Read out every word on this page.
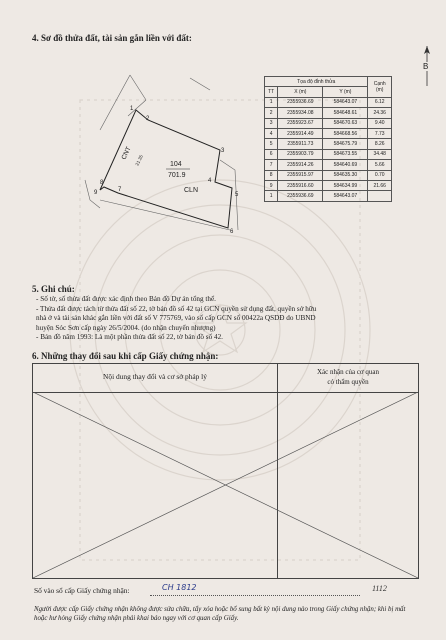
4. Sơ đồ thửa đất, tài sản gắn liền với đất:
B
1
2
3
4
5
6
7
8
9
CNT 21.35	104
701.9
CLN
Tọa độ đỉnh thửa			Cạnh (m)
TT	X (m)	Y (m)	
1	2355936.69	584643.07	6.12
2	2355934.08	584648.61	24.36
3	2355923.67	584670.63	9.40
4	2355914.49	584668.56	7.73
5	2355911.73	584675.79	8.26
6	2355903.79	584673.55	34.48
7	2355914.26	584640.69	5.66
8	2355915.97	584635.30	0.70
9	2355916.60	584634.99	21.66
1	2355936.69	584643.07	
5. Ghi chú:
- Số tờ, số thửa đất được xác định theo Bản đồ Dự án tổng thể.
- Thửa đất được tách từ thửa đất số 22, tờ bản đồ số 42 tại GCN quyền sử dụng đất, quyền sở hữu
nhà ở và tài sản khác gắn liền với đất số V 775769, vào số cấp GCN số 00422a QSDĐ do UBND
huyện Sóc Sơn cấp ngày 26/5/2004. (do nhận chuyển nhượng)
- Bản đồ năm 1993: Là một phần thửa đất số 22, tờ bản đồ số 42.
6. Những thay đổi sau khi cấp Giấy chứng nhận:
Nội dung thay đổi và cơ sở pháp lý	Xác nhận của cơ quan
có thẩm quyền
Số vào sổ cấp Giấy chứng nhận:	CH 1812	1112
Người được cấp Giấy chứng nhận không được sửa chữa, tẩy xóa hoặc bổ sung bất kỳ nội dung nào trong Giấy chứng nhận; khi bị mất hoặc hư hỏng Giấy chứng nhận phải khai báo ngay với cơ quan cấp Giấy.
